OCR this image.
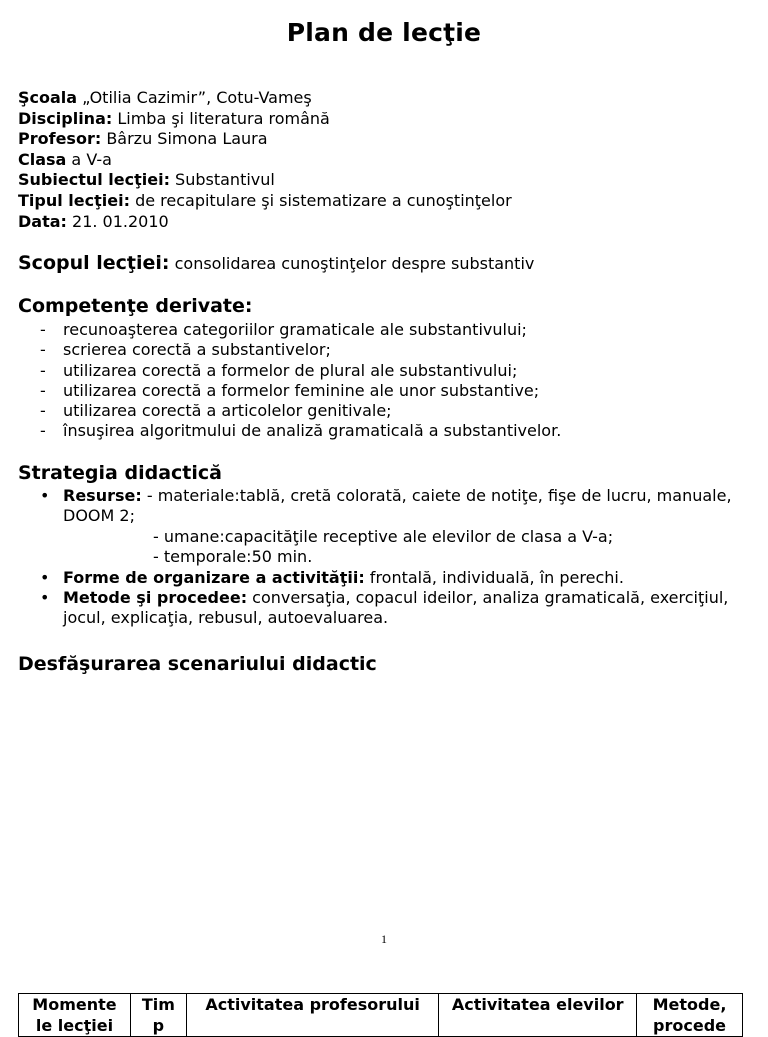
Plan de lecţie
Şcoala „Otilia Cazimir”, Cotu-Vameş
Disciplina: Limba şi literatura română
Profesor: Bârzu Simona Laura
Clasa a V-a
Subiectul lecţiei: Substantivul
Tipul lecţiei: de recapitulare şi sistematizare a cunoştinţelor
Data: 21. 01.2010
Scopul lecţiei: consolidarea cunoştinţelor despre substantiv
Competenţe derivate:
- recunoaşterea categoriilor gramaticale ale substantivului;
- scrierea corectă a substantivelor;
- utilizarea corectă a formelor de plural ale substantivului;
- utilizarea corectă a formelor feminine ale unor substantive;
- utilizarea corectă a articolelor genitivale;
- însuşirea algoritmului de analiză gramaticală a substantivelor.
Strategia didactică
• Resurse: - materiale:tablă, cretă colorată, caiete de notiţe, fişe de lucru, manuale, DOOM 2;
- umane:capacităţile receptive ale elevilor de clasa a V-a;
- temporale:50 min.
• Forme de organizare a activităţii: frontală, individuală, în perechi.
• Metode şi procedee: conversaţia, copacul ideilor, analiza gramaticală, exerciţiul, jocul, explicaţia, rebusul, autoevaluarea.
Desfăşurarea scenariului didactic
1
Momente le lecţiei	Tim p	Activitatea profesorului	Activitatea elevilor	Metode, procede
